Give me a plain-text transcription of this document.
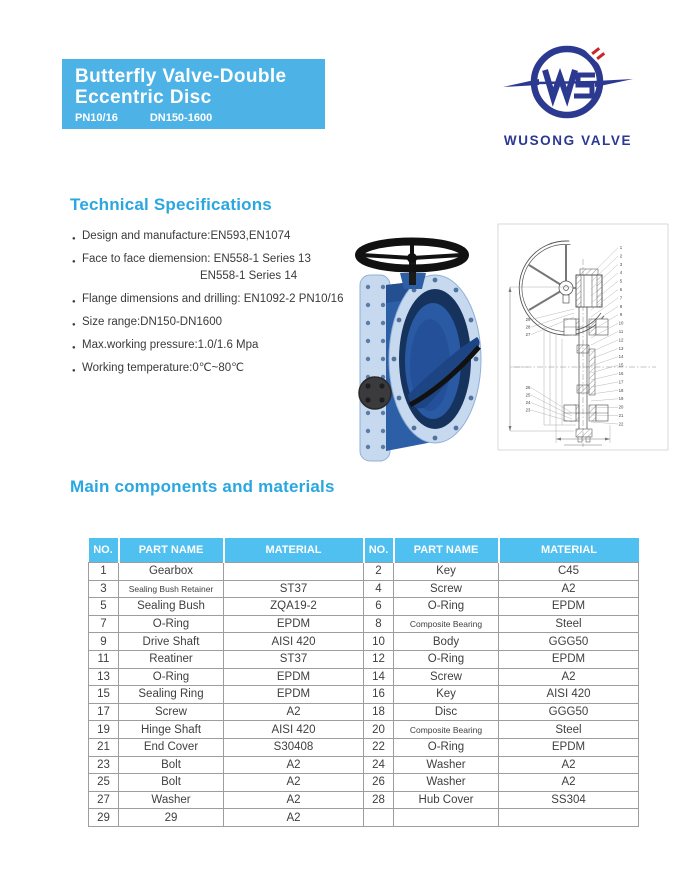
Butterfly Valve-Double
Eccentric Disc
PN10/16	DN150-1600
WUSONG VALVE
Technical Specifications
● Design and manufacture:EN593,EN1074
● Face to face diemension: EN558-1 Series 13
EN558-1 Series 14
● Flange dimensions and drilling: EN1092-2 PN10/16
● Size range:DN150-DN1600
● Max.working pressure:1.0/1.6 Mpa
● Working temperature:0℃~80℃
1
2
3
4
5
6
7
8
9
10
11
12
13
14
15
16
17
18
19
20
21
22
29
28
27
26
25
24
23
Main components and materials
NO.	PART NAME	MATERIAL	NO.	PART NAME	MATERIAL
1	Gearbox		2	Key	C45
3	Sealing Bush Retainer	ST37	4	Screw	A2
5	Sealing Bush	ZQA19-2	6	O-Ring	EPDM
7	O-Ring	EPDM	8	Composite Bearing	Steel
9	Drive Shaft	AISI 420	10	Body	GGG50
11	Reatiner	ST37	12	O-Ring	EPDM
13	O-Ring	EPDM	14	Screw	A2
15	Sealing Ring	EPDM	16	Key	AISI 420
17	Screw	A2	18	Disc	GGG50
19	Hinge Shaft	AISI 420	20	Composite Bearing	Steel
21	End Cover	S30408	22	O-Ring	EPDM
23	Bolt	A2	24	Washer	A2
25	Bolt	A2	26	Washer	A2
27	Washer	A2	28	Hub Cover	SS304
29	29	A2			
